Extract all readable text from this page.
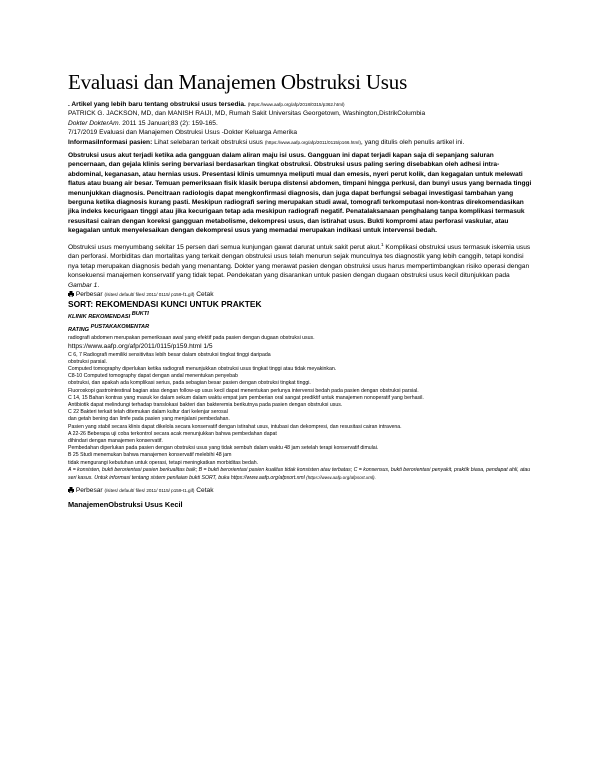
Evaluasi dan Manajemen Obstruksi Usus

. Artikel yang lebih baru tentang obstruksi usus tersedia. (https://www.aafp.org/afp/2018/0315/p362.html)

PATRICK G. JACKSON, MD, dan MANISH RAIJI, MD, Rumah Sakit Universitas Georgetown, Washington,DistrikColumbia

Dokter DokterAm. 2011 15 Januari;83 (2): 159-165.

7/17/2019 Evaluasi dan Manajemen Obstruksi Usus -Dokter Keluarga Amerika

InformasiInformasi pasien: Lihat selebaran terkait obstruksi usus (https://www.aafp.org/afp/2011/0115/p166.html), yang ditulis oleh penulis artikel ini.

Obstruksi usus akut terjadi ketika ada gangguan dalam aliran maju isi usus. Gangguan ini dapat terjadi kapan saja di sepanjang saluran pencernaan, dan gejala klinis sering bervariasi berdasarkan tingkat obstruksi. Obstruksi usus paling sering disebabkan oleh adhesi intra-abdominal, keganasan, atau hernias usus. Presentasi klinis umumnya meliputi mual dan emesis, nyeri perut kolik, dan kegagalan untuk melewati flatus atau buang air besar. Temuan pemeriksaan fisik klasik berupa distensi abdomen, timpani hingga perkusi, dan bunyi usus yang bernada tinggi menunjukkan diagnosis. Pencitraan radiologis dapat mengkonfirmasi diagnosis, dan juga dapat berfungsi sebagai investigasi tambahan yang berguna ketika diagnosis kurang pasti. Meskipun radiografi sering merupakan studi awal, tomografi terkomputasi non-kontras direkomendasikan jika indeks kecurigaan tinggi atau jika kecurigaan tetap ada meskipun radiografi negatif. Penatalaksanaan penghalang tanpa komplikasi termasuk resusitasi cairan dengan koreksi gangguan metabolisme, dekompresi usus, dan istirahat usus. Bukti kompromi atau perforasi vaskular, atau kegagalan untuk menyelesaikan dengan dekompresi usus yang memadai merupakan indikasi untuk intervensi bedah.

Obstruksi usus menyumbang sekitar 15 persen dari semua kunjungan gawat darurat untuk sakit perut akut.$^1$ Komplikasi obstruksi usus termasuk iskemia usus dan perforasi. Morbiditas dan mortalitas yang terkait dengan obstruksi usus telah menurun sejak munculnya tes diagnostik yang lebih canggih, tetapi kondisi nya tetap merupakan diagnosis bedah yang menantang. Dokter yang merawat pasien dengan obstruksi usus harus mempertimbangkan risiko operasi dengan konsekuensi manajemen konservatif yang tidak tepat. Pendekatan yang disarankan untuk pasien dengan dugaan obstruksi usus kecil ditunjukkan pada Gambar 1.

Perbesar (/sites/ default/ files/ 2011/ 0115/ p159-f1.gif) Cetak

SORT: REKOMENDASI KUNCI UNTUK PRAKTEK

KLINIK REKOMENDASI $^{BUKTI}$
RATING $^{PUSTAKAKOMENTAR}$

radiografi abdomen merupakan pemeriksaan awal yang efektif pada pasien dengan dugaan obstruksi usus.

https://www.aafp.org/afp/2011/0115/p159.html 1/5

C 6, 7 Radiografi memiliki sensitivitas lebih besar dalam obstruksi tingkat tinggi daripada

obstruksi parsial.

Computed tomography diperlukan ketika radiografi menunjukkan obstruksi usus tingkat tinggi atau tidak meyakinkan.

C8-10 Computed tomography dapat dengan andal menentukan penyebab

obstruksi, dan apakah ada komplikasi serius, pada sebagian besar pasien dengan obstruksi tingkat tinggi.

Fluoroskopi gastrointestinal bagian atas dengan follow-up usus kecil dapat menentukan perlunya intervensi bedah pada pasien dengan obstruksi parsial.

C 14, 15 Bahan kontras yang masuk ke dalam sekum dalam waktu empat jam pemberian oral sangat prediktif untuk manajemen nonoperatif yang berhasil.

Antibiotik dapat melindungi terhadap translokasi bakteri dan bakteremia berikutnya pada pasien dengan obstruksi usus.

C 22 Bakteri terkait telah ditemukan dalam kultur dari kelenjar serosal

dan getah bening dan limfe pada pasien yang menjalani pembedahan.

Pasien yang stabil secara klinis dapat dikelola secara konservatif dengan istirahat usus, intubasi dan dekompresi, dan resusitasi cairan intravena.

A 22-26 Beberapa uji coba terkontrol secara acak menunjukkan bahwa pembedahan dapat

dihindari dengan manajemen konservatif.

Pembedahan diperlukan pada pasien dengan obstruksi usus yang tidak sembuh dalam waktu 48 jam setelah terapi konservatif dimulai.

B 25 Studi menemukan bahwa manajemen konservatif melebihi 48 jam

tidak mengurangi kebutuhan untuk operasi, tetapi meningkatkan morbiditas bedah.

A = konsisten, bukti berorientasi pasien berkualitas baik; B = bukti berorientasi pasien kualitas tidak konsisten atau terbatas; C = konsensus, bukti berorientasi penyakit, praktik biasa, pendapat ahli, atau seri kasus. Untuk informasi tentang sistem penilaian bukti SORT, buka https://www.aafp.org/afpsort.xml (https://www.aafp.org/afpsort.xml).

Perbesar (/sites/ default/ files/ 2011/ 0115/ p159-t1.gif) Cetak

ManajemenObstruksi Usus Kecil
